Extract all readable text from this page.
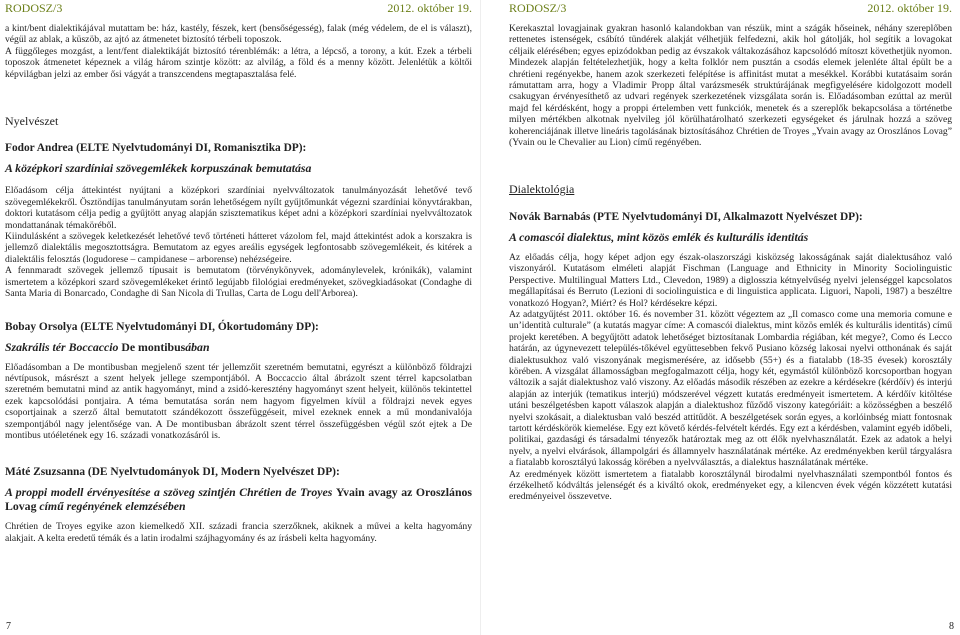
RODOSZ/3	2012. október 19.

a kint/bent dialektikájával mutattam be: ház, kastély, fészek, kert (bensőségesség), falak (még védelem, de el is választ), végül az ablak, a küszöb, az ajtó az átmenetet biztosító térbeli toposzok.

A függőleges mozgást, a lent/fent dialektikáját biztosító térenblémák: a létra, a lépcső, a torony, a kút. Ezek a térbeli toposzok átmenetet képeznek a világ három szintje között: az alvilág, a föld és a menny között. Jelenlétük a költői képvilágban jelzi az ember ősi vágyát a transzcendens megtapasztalása felé.

Nyelvészet

Fodor Andrea (ELTE Nyelvtudományi DI, Romanisztika DP):

A középkori szardíniai szövegemlékek korpuszának bemutatása

Előadásom célja áttekintést nyújtani a középkori szardíniai nyelvváltozatok tanulmányozását lehetővé tevő szövegemlékekről. Ösztöndíjas tanulmányutam során lehetőségem nyílt gyűjtőmunkát végezni szardíniai könyvtárakban, doktori kutatásom célja pedig a gyűjtött anyag alapján szisztematikus képet adni a középkori szardíniai nyelvváltozatok mondattanának témaköréből.

Kiindulásként a szövegek keletkezését lehetővé tevő történeti hátteret vázolom fel, majd áttekintést adok a korszakra is jellemző dialektális megosztottságra. Bemutatom az egyes areális egységek legfontosabb szövegemlékeit, és kitérek a dialektális felosztás (logudorese – campidanese – arborense) nehézségeire.

A fennmaradt szövegek jellemző típusait is bemutatom (törvénykönyvek, adománylevelek, krónikák), valamint ismertetem a középkori szard szövegemlékeket érintő legújabb filológiai eredményeket, szövegkiadásokat (Condaghe di Santa Maria di Bonarcado, Condaghe di San Nicola di Trullas, Carta de Logu dell'Arborea).

Bobay Orsolya (ELTE Nyelvtudományi DI, Ókortudomány DP):

Szakrális tér Boccaccio De montibusában

Előadásomban a De montibusban megjelenő szent tér jellemzőit szeretném bemutatni, egyrészt a különböző földrajzi névtípusok, másrészt a szent helyek jellege szempontjából. A Boccaccio által ábrázolt szent térrel kapcsolatban szeretném bemutatni mind az antik hagyományt, mind a zsidó-keresztény hagyományt szent helyeit, különös tekintettel ezek kapcsolódási pontjaira. A téma bemutatása során nem hagyom figyelmen kívül a földrajzi nevek egyes csoportjainak a szerző által bemutatott szándékozott összefüggéseit, mivel ezeknek ennek a mű mondanivalója szempontjából nagy jelentősége van. A De montibusban ábrázolt szent térrel összefüggésben végül szót ejtek a De montibus utóéletének egy 16. századi vonatkozásáról is.

Máté Zsuzsanna (DE Nyelvtudományok DI, Modern Nyelvészet DP):

A proppi modell érvényesítése a szöveg szintjén Chrétien de Troyes Yvain avagy az Oroszlános Lovag című regényének elemzésében

Chrétien de Troyes egyike azon kiemelkedő XII. századi francia szerzőknek, akiknek a művei a kelta hagyomány alakjait. A kelta eredetű témák és a latin irodalmi szájhagyomány és az írásbeli kelta hagyomány.

7
RODOSZ/3	2012. október 19.

Kerekasztal lovagjainak gyakran hasonló kalandokban van részük, mint a szágák hőseinek, néhány szereplőben rettenetes istenségek, csábító tündérek alakját vélhetjük felfedezni, akik hol gátolják, hol segítik a lovagokat céljaik elérésében; egyes epizódokban pedig az évszakok váltakozásához kapcsolódó mítoszt követhetjük nyomon. Mindezek alapján feltételezhetjük, hogy a kelta folklór nem pusztán a csodás elemek jelenléte által épült be a chrétieni regényekbe, hanem azok szerkezeti felépítése is affinitást mutat a mesékkel. Korábbi kutatásaim során rámutattam arra, hogy a Vladimir Propp által varázsmesék struktúrájának megfigyelésére kidolgozott modell csakugyan érvényesíthető az udvari regények szerkezetének vizsgálata során is. Előadásomban ezúttal az merül majd fel kérdésként, hogy a proppi értelemben vett funkciók, menetek és a szereplők bekapcsolása a történetbe milyen mértékben alkotnak nyelvileg jól körülhatárolható szerkezeti egységeket és járulnak hozzá a szöveg koherenciájának illetve lineáris tagolásának biztosításához Chrétien de Troyes „Yvain avagy az Oroszlános Lovag” (Yvain ou le Chevalier au Lion) című regényében.

Dialektológia

Novák Barnabás (PTE Nyelvtudományi DI, Alkalmazott Nyelvészet DP):

A comascói dialektus, mint közös emlék és kulturális identitás

Az előadás célja, hogy képet adjon egy észak-olaszországi kisközség lakosságának saját dialektusához való viszonyáról. Kutatásom elméleti alapját Fischman (Language and Ethnicity in Minority Sociolinguistic Perspective. Multilingual Matters Ltd., Clevedon, 1989) a diglosszia kétnyelvűség nyelvi jelenséggel kapcsolatos megállapításai és Berruto (Lezioni di sociolinguistica e di linguistica applicata. Liguori, Napoli, 1987) a beszéltre vonatkozó Hogyan?, Miért? és Hol? kérdésekre képzi.

Az adatgyűjtést 2011. október 16. és november 31. között végeztem az „Il comasco come una memoria comune e un’identità culturale” (a kutatás magyar címe: A comascói dialektus, mint közös emlék és kulturális identitás) című projekt keretében. A begyűjtött adatok lehetőséget biztosítanak Lombardia régiában, két megye?, Como és Lecco határán, az úgynevezett település-tőkével együttesebben fekvő Pusiano község lakosai nyelvi otthonának és saját dialektusukhoz való viszonyának megismerésére, az idősebb (55+) és a fiatalabb (18-35 évesek) korosztály körében. A vizsgálat államosságban megfogalmazott célja, hogy két, egymástól különböző korcsoportban hogyan változik a saját dialektushoz való viszony. Az előadás második részében az ezekre a kérdésekre (kérdőív) és interjú alapján az interjúk (tematikus interjú) módszerével végzett kutatás eredményeit ismertetem. A kérdőív kitöltése utáni beszélgetésben kapott válaszok alapján a dialektushoz fűződő viszony kategóriáit: a közösségben a beszélő nyelvi szokásait, a dialektusban való beszéd attitűdöt. A beszélgetések során egyes, a korlóinbség miatt fontosnak tartott kérdéskörök kiemelése. Egy ezt követő kérdés-felvételt kérdés. Egy ezt a kérdésben, valamint egyéb időbeli, politikai, gazdasági és társadalmi tényezők határoztak meg az ott élők nyelvhasználatát. Ezek az adatok a helyi nyelv, a nyelvi elvárások, állampolgári és államnyelv használatának mértéke. Az eredményekben kerül tárgyalásra a fiatalabb korosztályú lakosság körében a nyelvválasztás, a dialektus használatának mértéke.

Az eredmények között ismertetem a fiatalabb korosztálynál birodalmi nyelvhasználati szempontból fontos és érzékelhető kódváltás jelenségét és a kiváltó okok, eredményeket egy, a kilencven évek végén közzétett kutatási eredményeivel összevetve.

8
